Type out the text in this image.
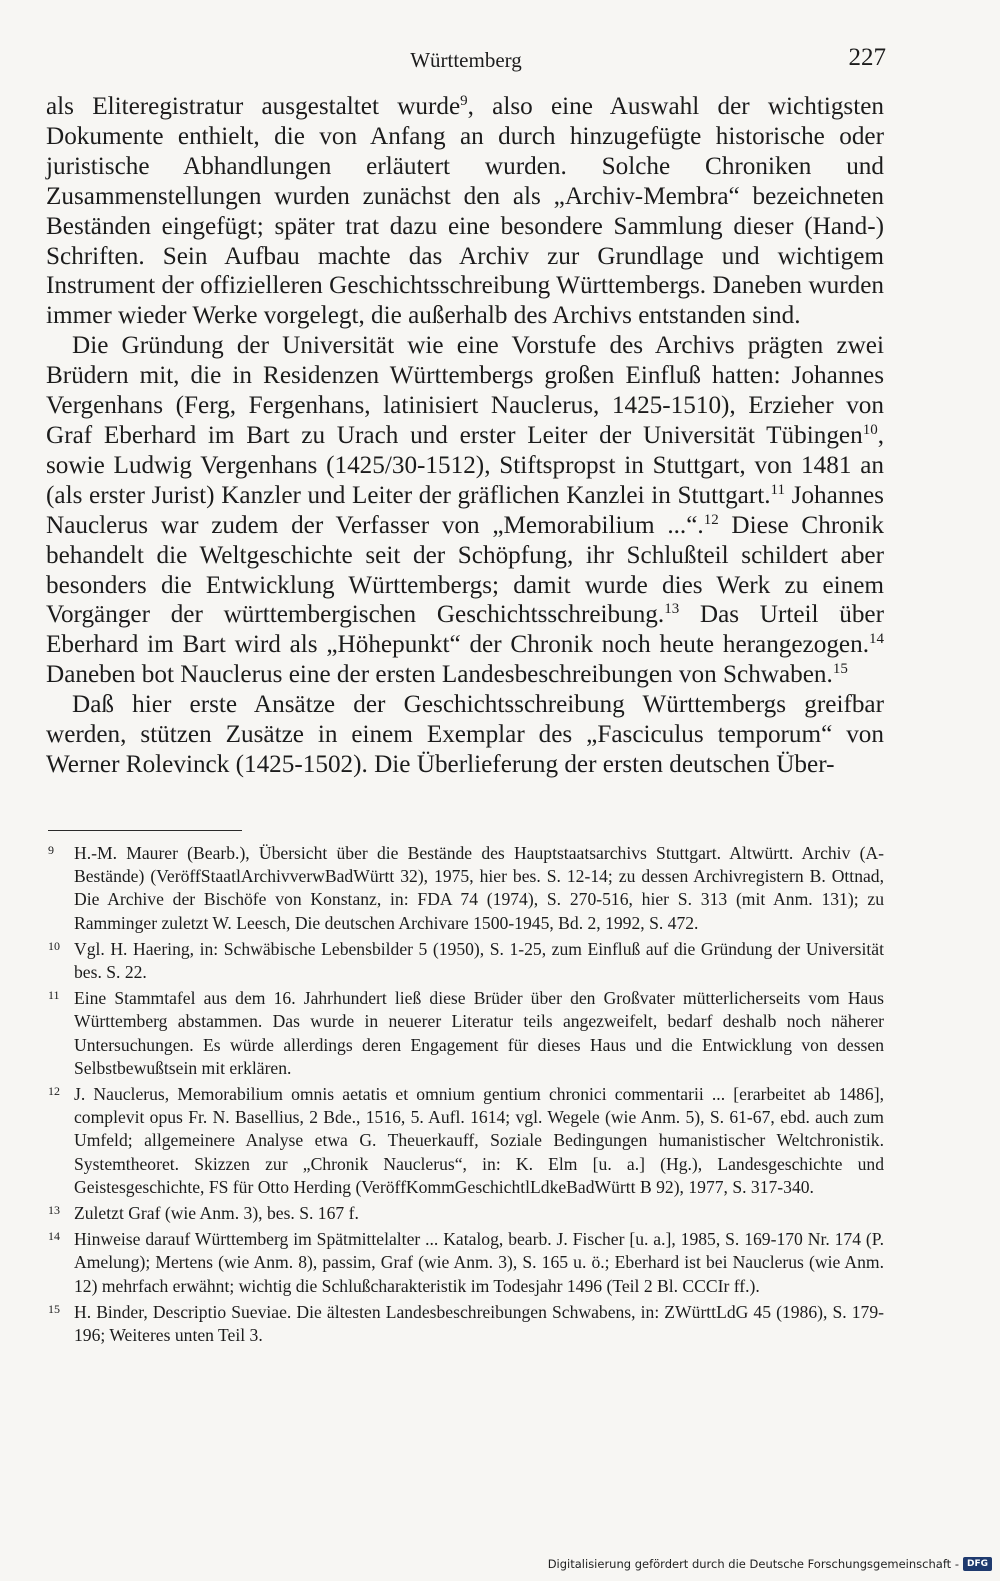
Württemberg	227

als Eliteregistratur ausgestaltet wurde$^9$, also eine Auswahl der wichtigsten Dokumente enthielt, die von Anfang an durch hinzugefügte historische oder juristische Abhandlungen erläutert wurden. Solche Chroniken und Zusammenstellungen wurden zunächst den als „Archiv-Membra“ bezeichneten Beständen eingefügt; später trat dazu eine besondere Sammlung dieser (Hand-) Schriften. Sein Aufbau machte das Archiv zur Grundlage und wichtigem Instrument der offizielleren Geschichtsschreibung Württembergs. Daneben wurden immer wieder Werke vorgelegt, die außerhalb des Archivs entstanden sind.

Die Gründung der Universität wie eine Vorstufe des Archivs prägten zwei Brüdern mit, die in Residenzen Württembergs großen Einfluß hatten: Johannes Vergenhans (Ferg, Fergenhans, latinisiert Nauclerus, 1425-1510), Erzieher von Graf Eberhard im Bart zu Urach und erster Leiter der Universität Tübingen$^{10}$, sowie Ludwig Vergenhans (1425/30-1512), Stiftspropst in Stuttgart, von 1481 an (als erster Jurist) Kanzler und Leiter der gräflichen Kanzlei in Stuttgart.$^{11}$ Johannes Nauclerus war zudem der Verfasser von „Memorabilium ...“.$^{12}$ Diese Chronik behandelt die Weltgeschichte seit der Schöpfung, ihr Schlußteil schildert aber besonders die Entwicklung Württembergs; damit wurde dies Werk zu einem Vorgänger der württembergischen Geschichtsschreibung.$^{13}$ Das Urteil über Eberhard im Bart wird als „Höhepunkt“ der Chronik noch heute herangezogen.$^{14}$ Daneben bot Nauclerus eine der ersten Landesbeschreibungen von Schwaben.$^{15}$

Daß hier erste Ansätze der Geschichtsschreibung Württembergs greifbar werden, stützen Zusätze in einem Exemplar des „Fasciculus temporum“ von Werner Rolevinck (1425-1502). Die Überlieferung der ersten deutschen Über-

9 H.-M. Maurer (Bearb.), Übersicht über die Bestände des Hauptstaatsarchivs Stuttgart. Altwürtt. Archiv (A-Bestände) (VeröffStaatlArchivverwBadWürtt 32), 1975, hier bes. S. 12-14; zu dessen Archivregistern B. Ottnad, Die Archive der Bischöfe von Konstanz, in: FDA 74 (1974), S. 270-516, hier S. 313 (mit Anm. 131); zu Ramminger zuletzt W. Leesch, Die deutschen Archivare 1500-1945, Bd. 2, 1992, S. 472.
10 Vgl. H. Haering, in: Schwäbische Lebensbilder 5 (1950), S. 1-25, zum Einfluß auf die Gründung der Universität bes. S. 22.
11 Eine Stammtafel aus dem 16. Jahrhundert ließ diese Brüder über den Großvater mütterlicherseits vom Haus Württemberg abstammen. Das wurde in neuerer Literatur teils angezweifelt, bedarf deshalb noch näherer Untersuchungen. Es würde allerdings deren Engagement für dieses Haus und die Entwicklung von dessen Selbstbewußtsein mit erklären.
12 J. Nauclerus, Memorabilium omnis aetatis et omnium gentium chronici commentarii ... [erarbeitet ab 1486], complevit opus Fr. N. Basellius, 2 Bde., 1516, 5. Aufl. 1614; vgl. Wegele (wie Anm. 5), S. 61-67, ebd. auch zum Umfeld; allgemeinere Analyse etwa G. Theuerkauff, Soziale Bedingungen humanistischer Weltchronistik. Systemtheoret. Skizzen zur „Chronik Nauclerus“, in: K. Elm [u. a.] (Hg.), Landesgeschichte und Geistesgeschichte, FS für Otto Herding (VeröffKommGeschichtlLdkeBadWürtt B 92), 1977, S. 317-340.
13 Zuletzt Graf (wie Anm. 3), bes. S. 167 f.
14 Hinweise darauf Württemberg im Spätmittelalter ... Katalog, bearb. J. Fischer [u. a.], 1985, S. 169-170 Nr. 174 (P. Amelung); Mertens (wie Anm. 8), passim, Graf (wie Anm. 3), S. 165 u. ö.; Eberhard ist bei Nauclerus (wie Anm. 12) mehrfach erwähnt; wichtig die Schlußcharakteristik im Todesjahr 1496 (Teil 2 Bl. CCCIr ff.).
15 H. Binder, Descriptio Sueviae. Die ältesten Landesbeschreibungen Schwabens, in: ZWürttLdG 45 (1986), S. 179-196; Weiteres unten Teil 3.
Digitalisierung gefördert durch die Deutsche Forschungsgemeinschaft - DFG
